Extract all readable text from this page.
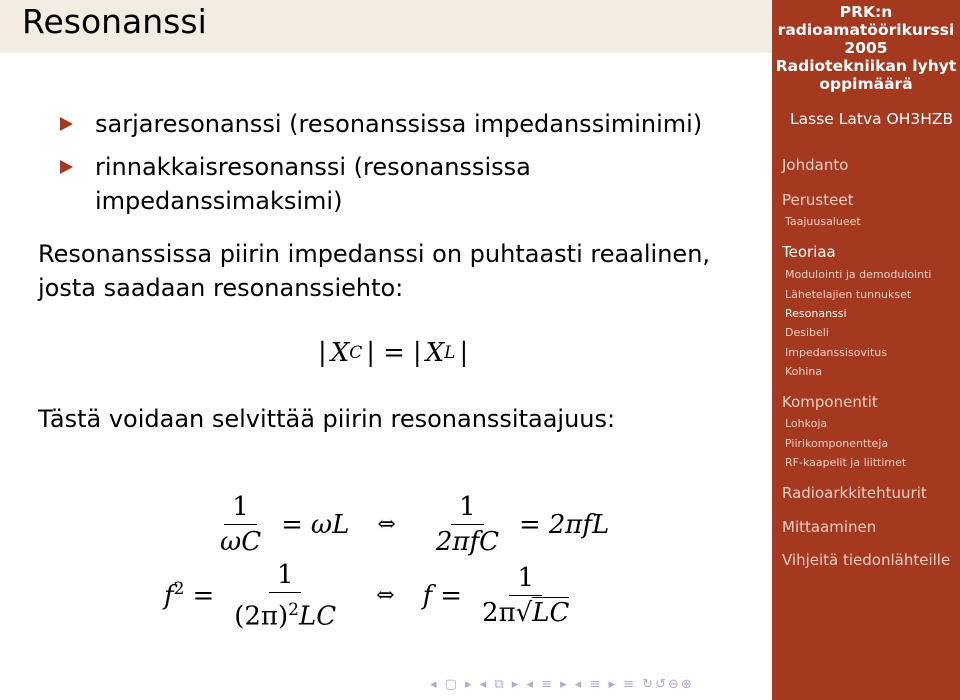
Resonanssi
sarjaresonanssi (resonanssissa impedanssiminimi)
rinnakkaisresonanssi (resonanssissa impedanssimaksimi)
Resonanssissa piirin impedanssi on puhtaasti reaalinen, josta saadaan resonanssiehto:
| X C | = | X L |
Tästä voidaan selvittää piirin resonanssitaajuus:
$\frac{1}{\omega C} = \omega L$ ⇔ $\frac{1}{\text{2πfC}} = 2\pi fL$
$f^2 = \frac{1}{(2\pi)^2LC}$ ⇔ $f = \frac{1}{2\pi√LC}$
PRK:n
radioamatöörikurssi
2005
Radiotekniikan lyhyt
oppimäärä
Lasse Latva OH3HZB
Johdanto
Perusteet
Taajuusalueet
Teoriaa
Modulointi ja demodulointi
Lähetelajien tunnukset
Resonanssi
Desibeli
Impedanssisovitus
Kohina
Komponentit
Lohkoja
Piirikomponentteja
RF-kaapelit ja liittimet
Radioarkkitehtuurit
Mittaaminen
Vihjeitä tiedonlähteille
◂ ▢ ▸ ◂ ⧉ ▸ ◂ ≡ ▸ ◂ ≡ ▸ ≡ ↻↺⊖⊕
